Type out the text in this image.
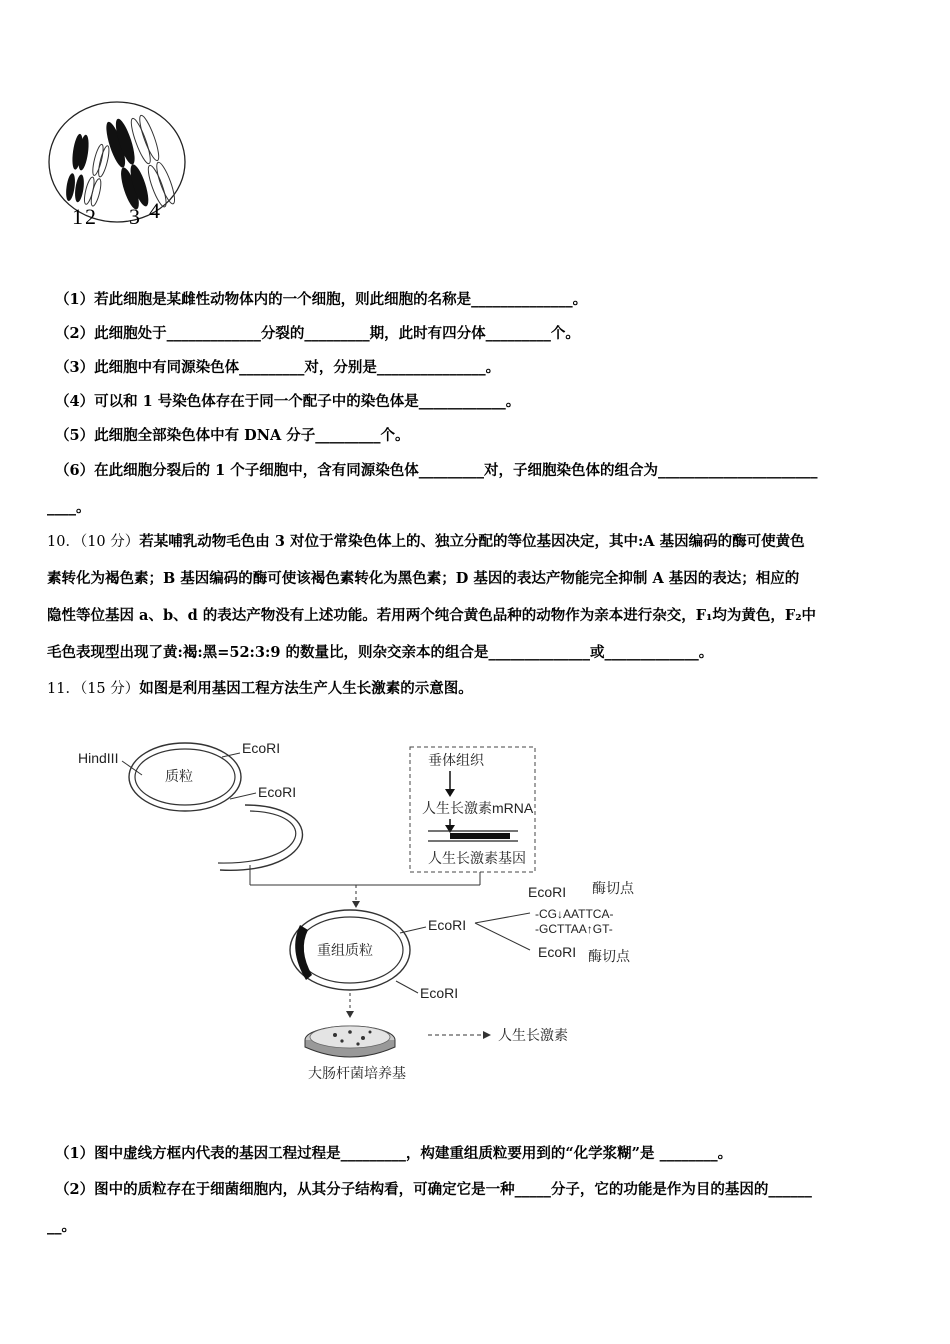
1 2 3 4
（1）若此细胞是某雌性动物体内的一个细胞，则此细胞的名称是______________。
（2）此细胞处于_____________分裂的_________期，此时有四分体_________个。
（3）此细胞中有同源染色体_________对，分别是_______________。
（4）可以和 1 号染色体存在于同一个配子中的染色体是____________。
（5）此细胞全部染色体中有 DNA 分子_________个。
（6）在此细胞分裂后的 1 个子细胞中，含有同源染色体_________对，子细胞染色体的组合为______________________
____。
10．（10 分）若某哺乳动物毛色由 3 对位于常染色体上的、独立分配的等位基因决定，其中:A 基因编码的酶可使黄色
素转化为褐色素；B 基因编码的酶可使该褐色素转化为黑色素；D 基因的表达产物能完全抑制 A 基因的表达；相应的
隐性等位基因 a、b、d 的表达产物没有上述功能。若用两个纯合黄色品种的动物作为亲本进行杂交，F₁均为黄色，F₂中
毛色表现型出现了黄:褐:黑=52:3:9 的数量比，则杂交亲本的组合是______________或_____________。
11．（15 分）如图是利用基因工程方法生产人生长激素的示意图。
HindIII
质粒
EcoRI
EcoRI
垂体组织
人生长激素mRNA
人生长激素基因
重组质粒
EcoRI
EcoRI
EcoRI 酶切点
-CG↓AATTCA-
-GCTTAA↑GT-
EcoRI 酶切点
大肠杆菌培养基
人生长激素
（1）图中虚线方框内代表的基因工程过程是_________，构建重组质粒要用到的“化学浆糊”是 ________。
（2）图中的质粒存在于细菌细胞内，从其分子结构看，可确定它是一种_____分子，它的功能是作为目的基因的______
__。
